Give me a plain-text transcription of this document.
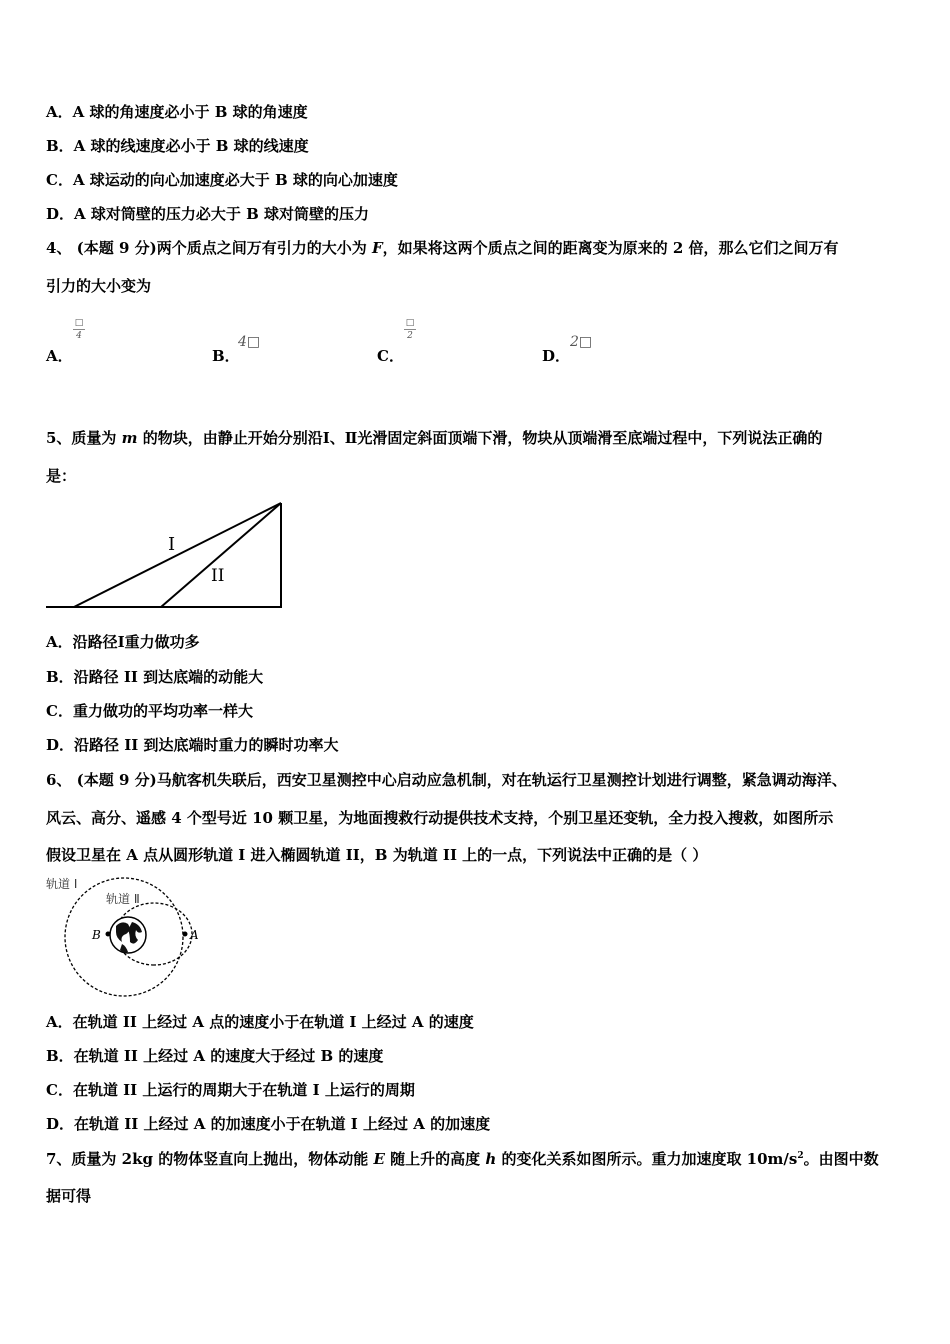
A．A 球的角速度必小于 B 球的角速度
B．A 球的线速度必小于 B 球的线速度
C．A 球运动的向心加速度必大于 B 球的向心加速度
D．A 球对筒壁的压力必大于 B 球对筒壁的压力
4、 (本题 9 分)两个质点之间万有引力的大小为 F，如果将这两个质点之间的距离变为原来的 2 倍，那么它们之间万有
引力的大小变为
A．
□
4
B．
4□
C．
□
2
D．
2□
5、质量为 m 的物块，由静止开始分别沿Ⅰ、Ⅱ光滑固定斜面顶端下滑，物块从顶端滑至底端过程中，下列说法正确的
是：
I
II
A．沿路径Ⅰ重力做功多
B．沿路径 II 到达底端的动能大
C．重力做功的平均功率一样大
D．沿路径 II 到达底端时重力的瞬时功率大
6、 (本题 9 分)马航客机失联后，西安卫星测控中心启动应急机制，对在轨运行卫星测控计划进行调整，紧急调动海洋、
风云、高分、遥感 4 个型号近 10 颗卫星，为地面搜救行动提供技术支持，个别卫星还变轨，全力投入搜救，如图所示
假设卫星在 A 点从圆形轨道 I 进入椭圆轨道 II，B 为轨道 II 上的一点，下列说法中正确的是（ ）
轨道 Ⅰ
轨道 Ⅱ
A
B
A．在轨道 II 上经过 A 点的速度小于在轨道 I 上经过 A 的速度
B．在轨道 II 上经过 A 的速度大于经过 B 的速度
C．在轨道 II 上运行的周期大于在轨道 I 上运行的周期
D．在轨道 II 上经过 A 的加速度小于在轨道 I 上经过 A 的加速度
7、质量为 2kg 的物体竖直向上抛出，物体动能 E 随上升的高度 h 的变化关系如图所示。重力加速度取 $10m/s^2$。由图中数
据可得
